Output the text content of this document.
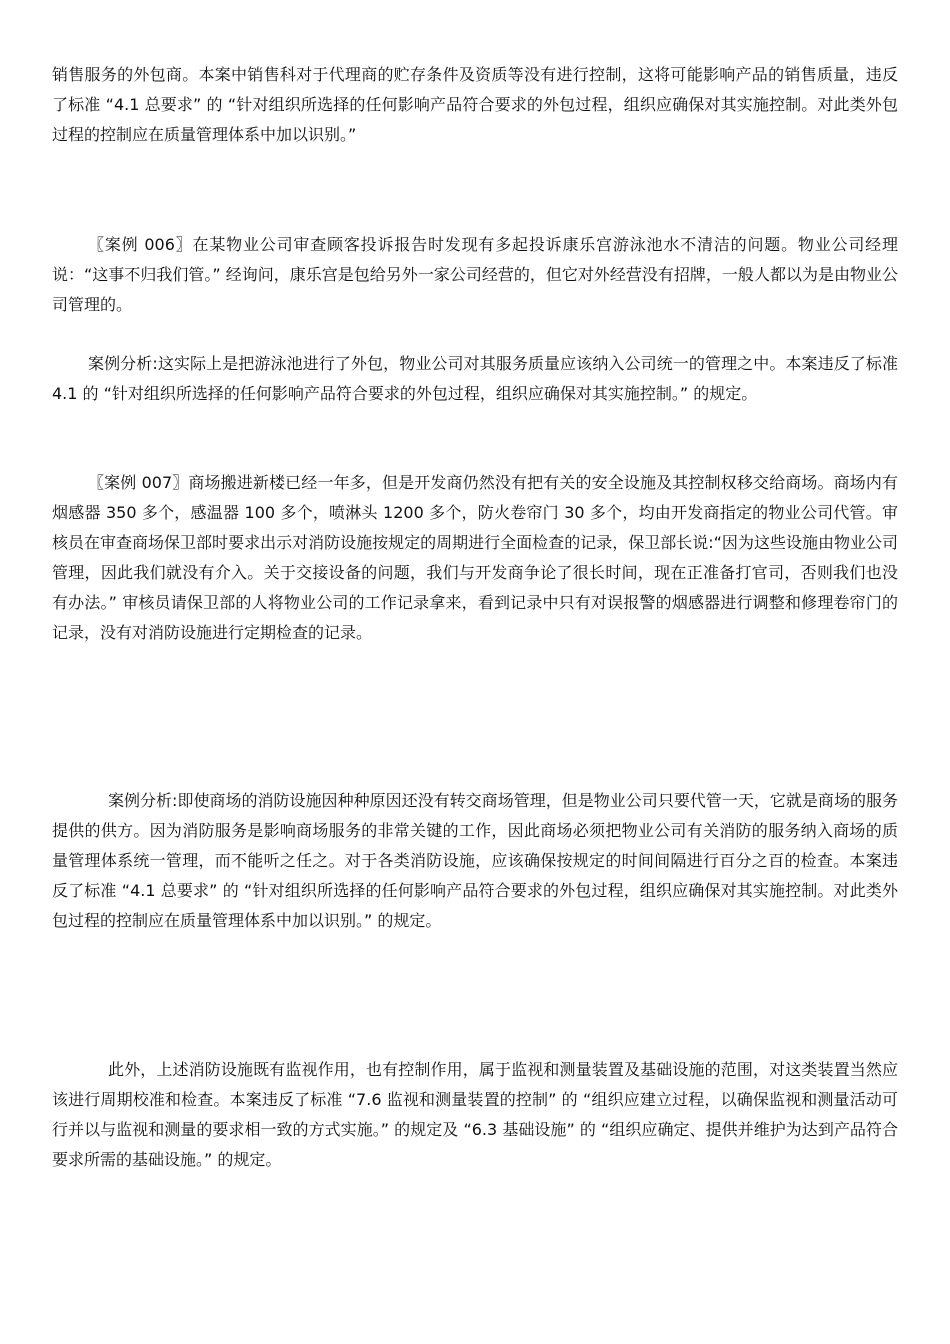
销售服务的外包商。本案中销售科对于代理商的贮存条件及资质等没有进行控制，这将可能影响产品的销售质量，违反了标准 “4.1 总要求” 的 “针对组织所选择的任何影响产品符合要求的外包过程，组织应确保对其实施控制。对此类外包过程的控制应在质量管理体系中加以识别。”

〖案例 006〗在某物业公司审查顾客投诉报告时发现有多起投诉康乐宫游泳池水不清洁的问题。物业公司经理说：“这事不归我们管。” 经询问，康乐宫是包给另外一家公司经营的，但它对外经营没有招牌，一般人都以为是由物业公司管理的。

案例分析:这实际上是把游泳池进行了外包，物业公司对其服务质量应该纳入公司统一的管理之中。本案违反了标准 4.1 的 “针对组织所选择的任何影响产品符合要求的外包过程，组织应确保对其实施控制。” 的规定。

〖案例 007〗商场搬进新楼已经一年多，但是开发商仍然没有把有关的安全设施及其控制权移交给商场。商场内有烟感器 350 多个，感温器 100 多个，喷淋头 1200 多个，防火卷帘门 30 多个，均由开发商指定的物业公司代管。审核员在审查商场保卫部时要求出示对消防设施按规定的周期进行全面检查的记录，保卫部长说:“因为这些设施由物业公司管理，因此我们就没有介入。关于交接设备的问题，我们与开发商争论了很长时间，现在正准备打官司，否则我们也没有办法。” 审核员请保卫部的人将物业公司的工作记录拿来，看到记录中只有对误报警的烟感器进行调整和修理卷帘门的记录，没有对消防设施进行定期检查的记录。

案例分析:即使商场的消防设施因种种原因还没有转交商场管理，但是物业公司只要代管一天，它就是商场的服务提供的供方。因为消防服务是影响商场服务的非常关键的工作，因此商场必须把物业公司有关消防的服务纳入商场的质量管理体系统一管理，而不能听之任之。对于各类消防设施，应该确保按规定的时间间隔进行百分之百的检查。本案违反了标准 “4.1 总要求” 的 “针对组织所选择的任何影响产品符合要求的外包过程，组织应确保对其实施控制。对此类外包过程的控制应在质量管理体系中加以识别。” 的规定。

此外，上述消防设施既有监视作用，也有控制作用，属于监视和测量装置及基础设施的范围，对这类装置当然应该进行周期校准和检查。本案违反了标准 “7.6 监视和测量装置的控制” 的 “组织应建立过程，以确保监视和测量活动可行并以与监视和测量的要求相一致的方式实施。” 的规定及 “6.3 基础设施” 的 “组织应确定、提供并维护为达到产品符合要求所需的基础设施。” 的规定。
